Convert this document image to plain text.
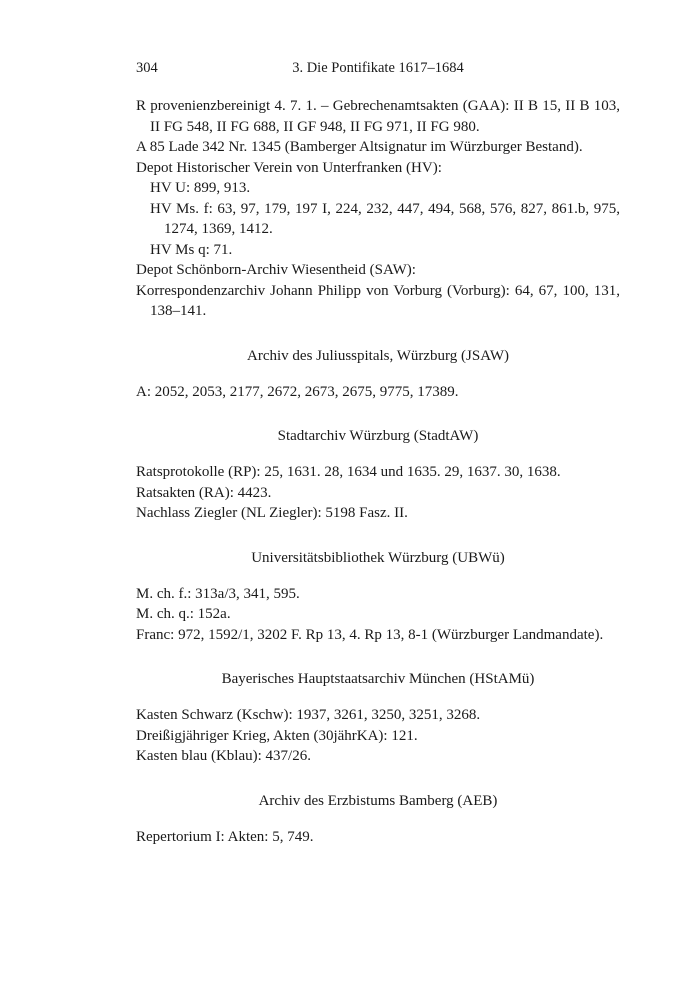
304	3. Die Pontifikate 1617–1684
R provenienzbereinigt 4. 7. 1. – Gebrechenamtsakten (GAA): II B 15, II B 103, II FG 548, II FG 688, II GF 948, II FG 971, II FG 980.
A 85 Lade 342 Nr. 1345 (Bamberger Altsignatur im Würzburger Bestand).
Depot Historischer Verein von Unterfranken (HV):
HV U: 899, 913.
HV Ms. f: 63, 97, 179, 197 I, 224, 232, 447, 494, 568, 576, 827, 861.b, 975, 1274, 1369, 1412.
HV Ms q: 71.
Depot Schönborn-Archiv Wiesentheid (SAW):
Korrespondenzarchiv Johann Philipp von Vorburg (Vorburg): 64, 67, 100, 131, 138–141.
Archiv des Juliusspitals, Würzburg (JSAW)
A: 2052, 2053, 2177, 2672, 2673, 2675, 9775, 17389.
Stadtarchiv Würzburg (StadtAW)
Ratsprotokolle (RP): 25, 1631. 28, 1634 und 1635. 29, 1637. 30, 1638.
Ratsakten (RA): 4423.
Nachlass Ziegler (NL Ziegler): 5198 Fasz. II.
Universitätsbibliothek Würzburg (UBWü)
M. ch. f.: 313a/3, 341, 595.
M. ch. q.: 152a.
Franc: 972, 1592/1, 3202 F. Rp 13, 4. Rp 13, 8-1 (Würzburger Landmandate).
Bayerisches Hauptstaatsarchiv München (HStAMü)
Kasten Schwarz (Kschw): 1937, 3261, 3250, 3251, 3268.
Dreißigjähriger Krieg, Akten (30jährKA): 121.
Kasten blau (Kblau): 437/26.
Archiv des Erzbistums Bamberg (AEB)
Repertorium I: Akten: 5, 749.
